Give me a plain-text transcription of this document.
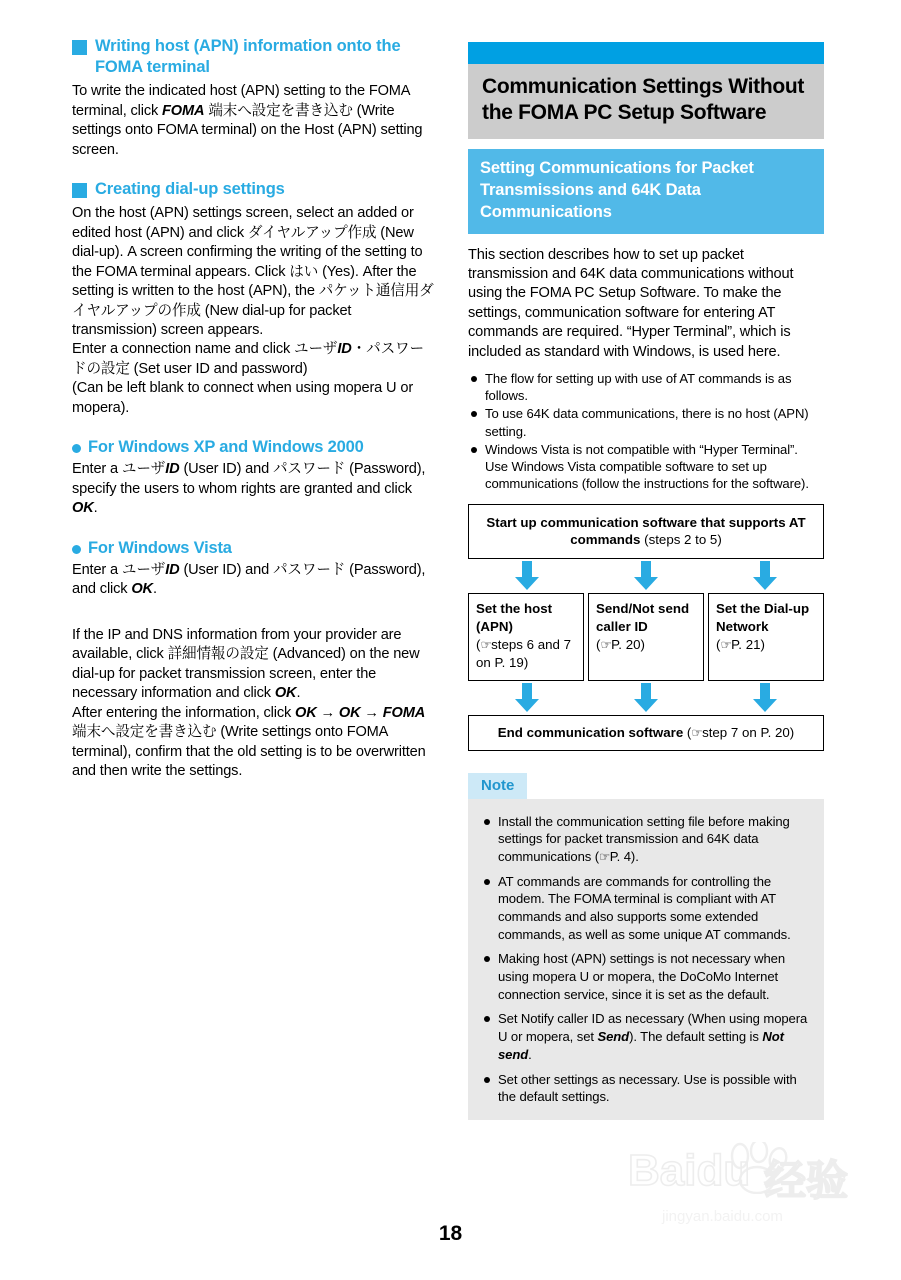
Writing host (APN) information onto the FOMA terminal

To write the indicated host (APN) setting to the FOMA terminal, click FOMA 端末へ設定を書き込む (Write settings onto FOMA terminal) on the Host (APN) setting screen.

Creating dial-up settings

On the host (APN) settings screen, select an added or edited host (APN) and click ダイヤルアップ作成 (New dial-up). A screen confirming the writing of the setting to the FOMA terminal appears. Click はい (Yes). After the setting is written to the host (APN), the パケット通信用ダイヤルアップの作成 (New dial-up for packet transmission) screen appears.

Enter a connection name and click ユーザID・パスワードの設定 (Set user ID and password)

(Can be left blank to connect when using mopera U or mopera).

For Windows XP and Windows 2000

Enter a ユーザID (User ID) and パスワード (Password), specify the users to whom rights are granted and click OK.

For Windows Vista

Enter a ユーザID (User ID) and パスワード (Password), and click OK.

If the IP and DNS information from your provider are available, click 詳細情報の設定 (Advanced) on the new dial-up for packet transmission screen, enter the necessary information and click OK.

After entering the information, click OK → OK → FOMA 端末へ設定を書き込む (Write settings onto FOMA terminal), confirm that the old setting is to be overwritten and then write the settings.

Communication Settings Without the FOMA PC Setup Software
Setting Communications for Packet Transmissions and 64K Data Communications

This section describes how to set up packet transmission and 64K data communications without using the FOMA PC Setup Software. To make the settings, communication software for entering AT commands are required. “Hyper Terminal”, which is included as standard with Windows, is used here.

The flow for setting up with use of AT commands is as follows.
To use 64K data communications, there is no host (APN) setting.
Windows Vista is not compatible with “Hyper Terminal”. Use Windows Vista compatible software to set up communications (follow the instructions for the software).
Start up communication software that supports AT commands (steps 2 to 5)
Set the host (APN)
(☞steps 6 and 7 on P. 19)
Send/Not send caller ID
(☞P. 20)
Set the Dial-up Network
(☞P. 21)
End communication software (☞step 7 on P. 20)
Note
Install the communication setting file before making settings for packet transmission and 64K data communications (☞P. 4).
AT commands are commands for controlling the modem. The FOMA terminal is compliant with AT commands and also supports some extended commands, as well as some unique AT commands.
Making host (APN) settings is not necessary when using mopera U or mopera, the DoCoMo Internet connection service, since it is set as the default.
Set Notify caller ID as necessary (When using mopera U or mopera, set Send). The default setting is Not send.
Set other settings as necessary. Use is possible with the default settings.
Baidu 经验
jingyan.baidu.com
18
